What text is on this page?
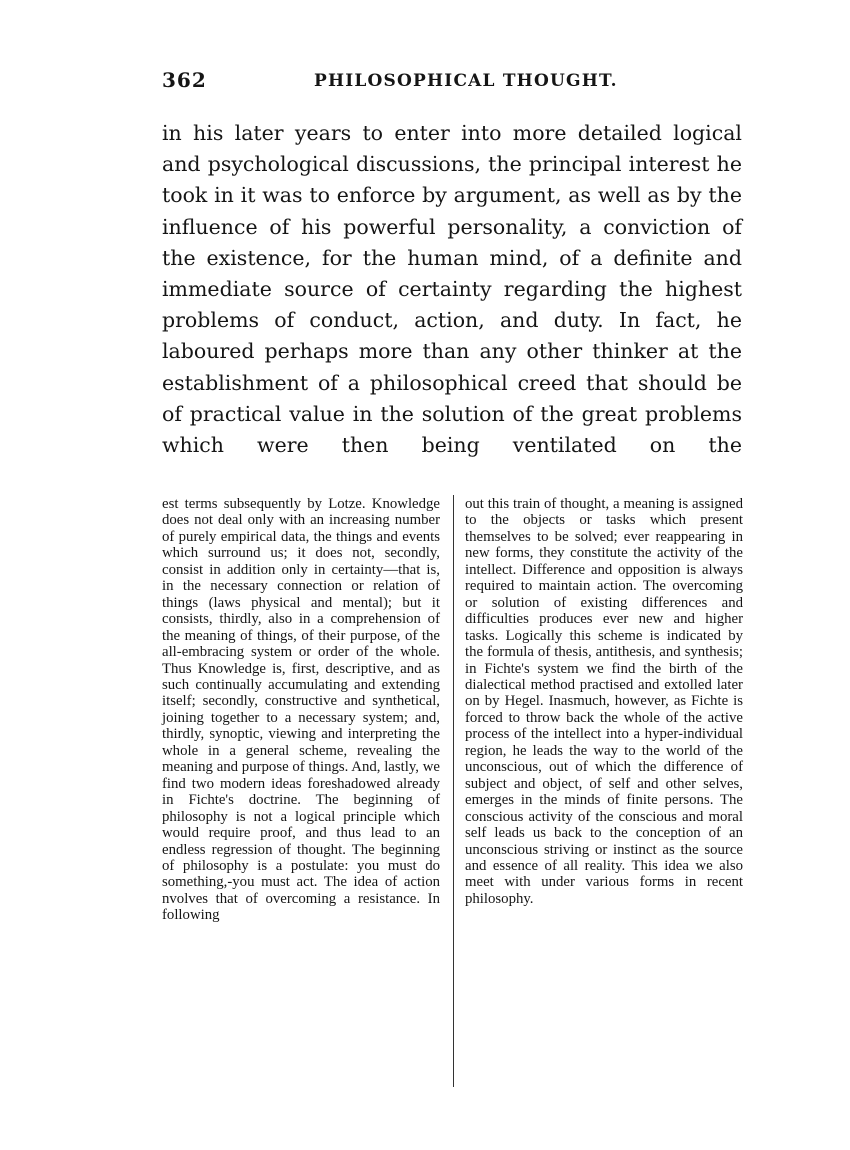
362	PHILOSOPHICAL THOUGHT.

in his later years to enter into more detailed logical and psychological discussions, the principal interest he took in it was to enforce by argument, as well as by the influence of his powerful personality, a conviction of the existence, for the human mind, of a definite and immediate source of certainty regarding the highest problems of conduct, action, and duty. In fact, he laboured perhaps more than any other thinker at the establishment of a philosophical creed that should be of practical value in the solution of the great problems which were then being ventilated on the

est terms subsequently by Lotze. Knowledge does not deal only with an increasing number of purely empirical data, the things and events which surround us; it does not, secondly, consist in addition only in certainty—that is, in the necessary connection or relation of things (laws physical and mental); but it consists, thirdly, also in a comprehension of the meaning of things, of their purpose, of the all-embracing system or order of the whole. Thus Knowledge is, first, descriptive, and as such continually accumulating and extending itself; secondly, constructive and synthetical, joining together to a necessary system; and, thirdly, synoptic, viewing and interpreting the whole in a general scheme, revealing the meaning and purpose of things. And, lastly, we find two modern ideas foreshadowed already in Fichte's doctrine. The beginning of philosophy is not a logical principle which would require proof, and thus lead to an endless regression of thought. The beginning of philosophy is a postulate: you must do something,-you must act. The idea of action nvolves that of overcoming a resistance. In following

out this train of thought, a meaning is assigned to the objects or tasks which present themselves to be solved; ever reappearing in new forms, they constitute the activity of the intellect. Difference and opposition is always required to maintain action. The overcoming or solution of existing differences and difficulties produces ever new and higher tasks. Logically this scheme is indicated by the formula of thesis, antithesis, and synthesis; in Fichte's system we find the birth of the dialectical method practised and extolled later on by Hegel. Inasmuch, however, as Fichte is forced to throw back the whole of the active process of the intellect into a hyper-individual region, he leads the way to the world of the unconscious, out of which the difference of subject and object, of self and other selves, emerges in the minds of finite persons. The conscious activity of the conscious and moral self leads us back to the conception of an unconscious striving or instinct as the source and essence of all reality. This idea we also meet with under various forms in recent philosophy.
